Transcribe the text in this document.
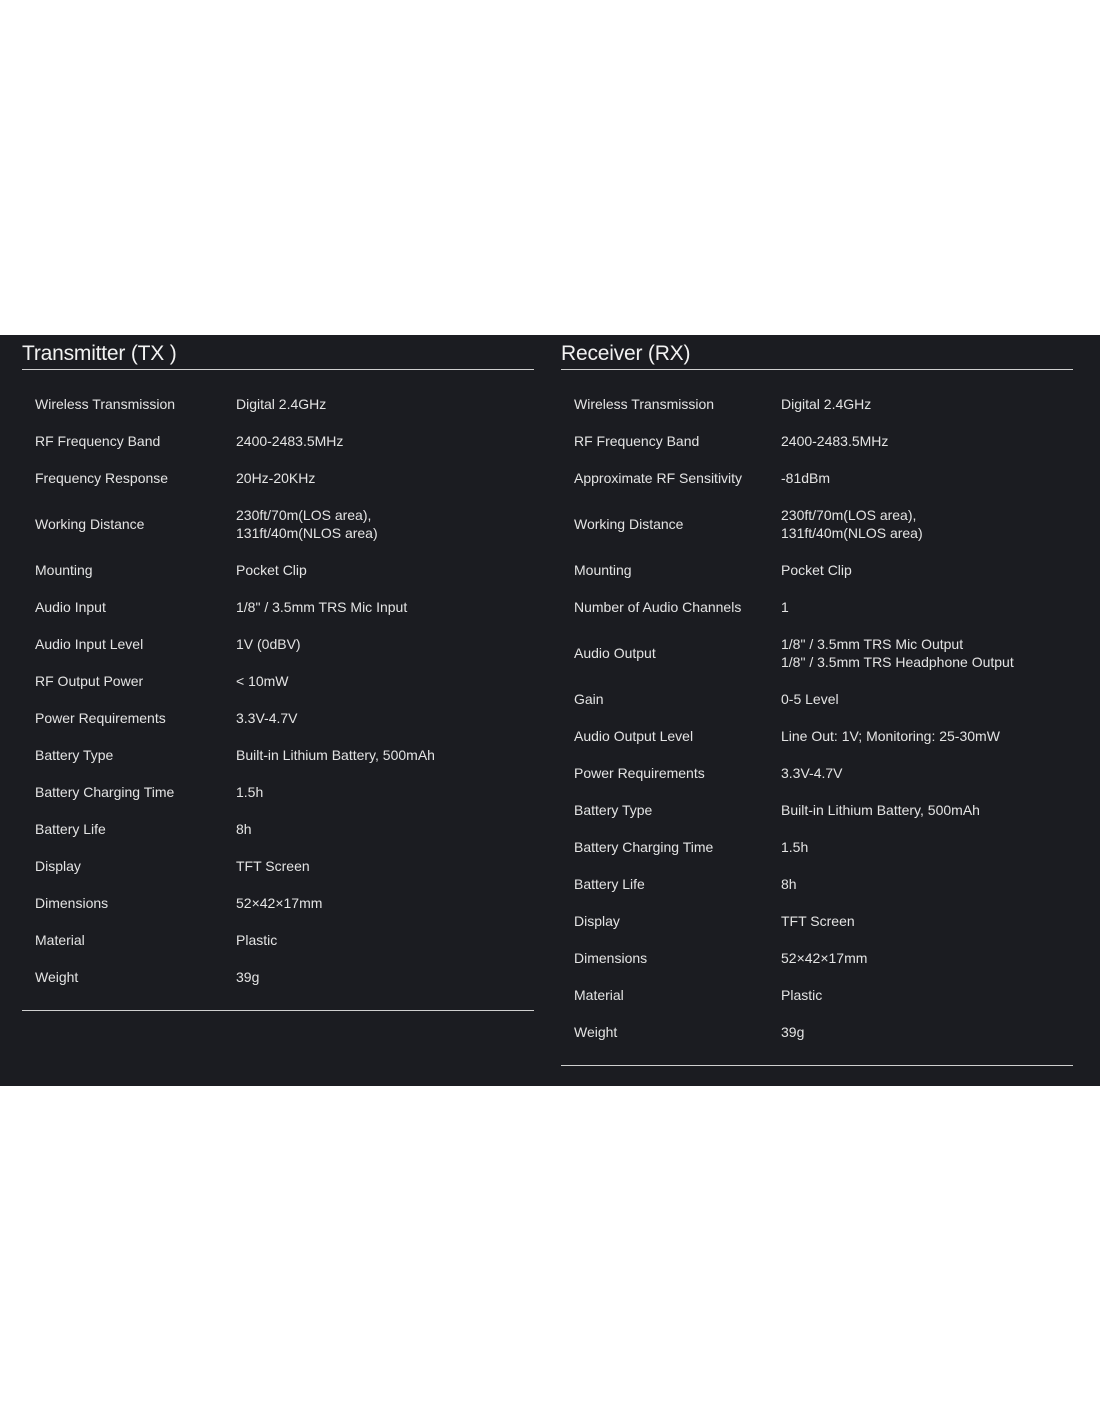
Transmitter (TX )
Wireless Transmission	Digital 2.4GHz

RF Frequency Band	2400-2483.5MHz

Frequency Response	20Hz-20KHz

Working Distance	230ft/70m(LOS area),
131ft/40m(NLOS area)

Mounting	Pocket Clip

Audio Input	1/8" / 3.5mm TRS Mic Input

Audio Input Level	1V (0dBV)

RF Output Power	< 10mW

Power Requirements	3.3V-4.7V

Battery Type	Built-in Lithium Battery, 500mAh

Battery Charging Time	1.5h

Battery Life	8h

Display	TFT Screen

Dimensions	52×42×17mm

Material	Plastic

Weight	39g
Receiver (RX)
Wireless Transmission	Digital 2.4GHz

RF Frequency Band	2400-2483.5MHz

Approximate RF Sensitivity	-81dBm

Working Distance	230ft/70m(LOS area),
131ft/40m(NLOS area)

Mounting	Pocket Clip

Number of Audio Channels	1

Audio Output	1/8" / 3.5mm TRS Mic Output
1/8" / 3.5mm TRS Headphone Output

Gain	0-5 Level

Audio Output Level	Line Out: 1V; Monitoring: 25-30mW

Power Requirements	3.3V-4.7V

Battery Type	Built-in Lithium Battery, 500mAh

Battery Charging Time	1.5h

Battery Life	8h

Display	TFT Screen

Dimensions	52×42×17mm

Material	Plastic

Weight	39g
